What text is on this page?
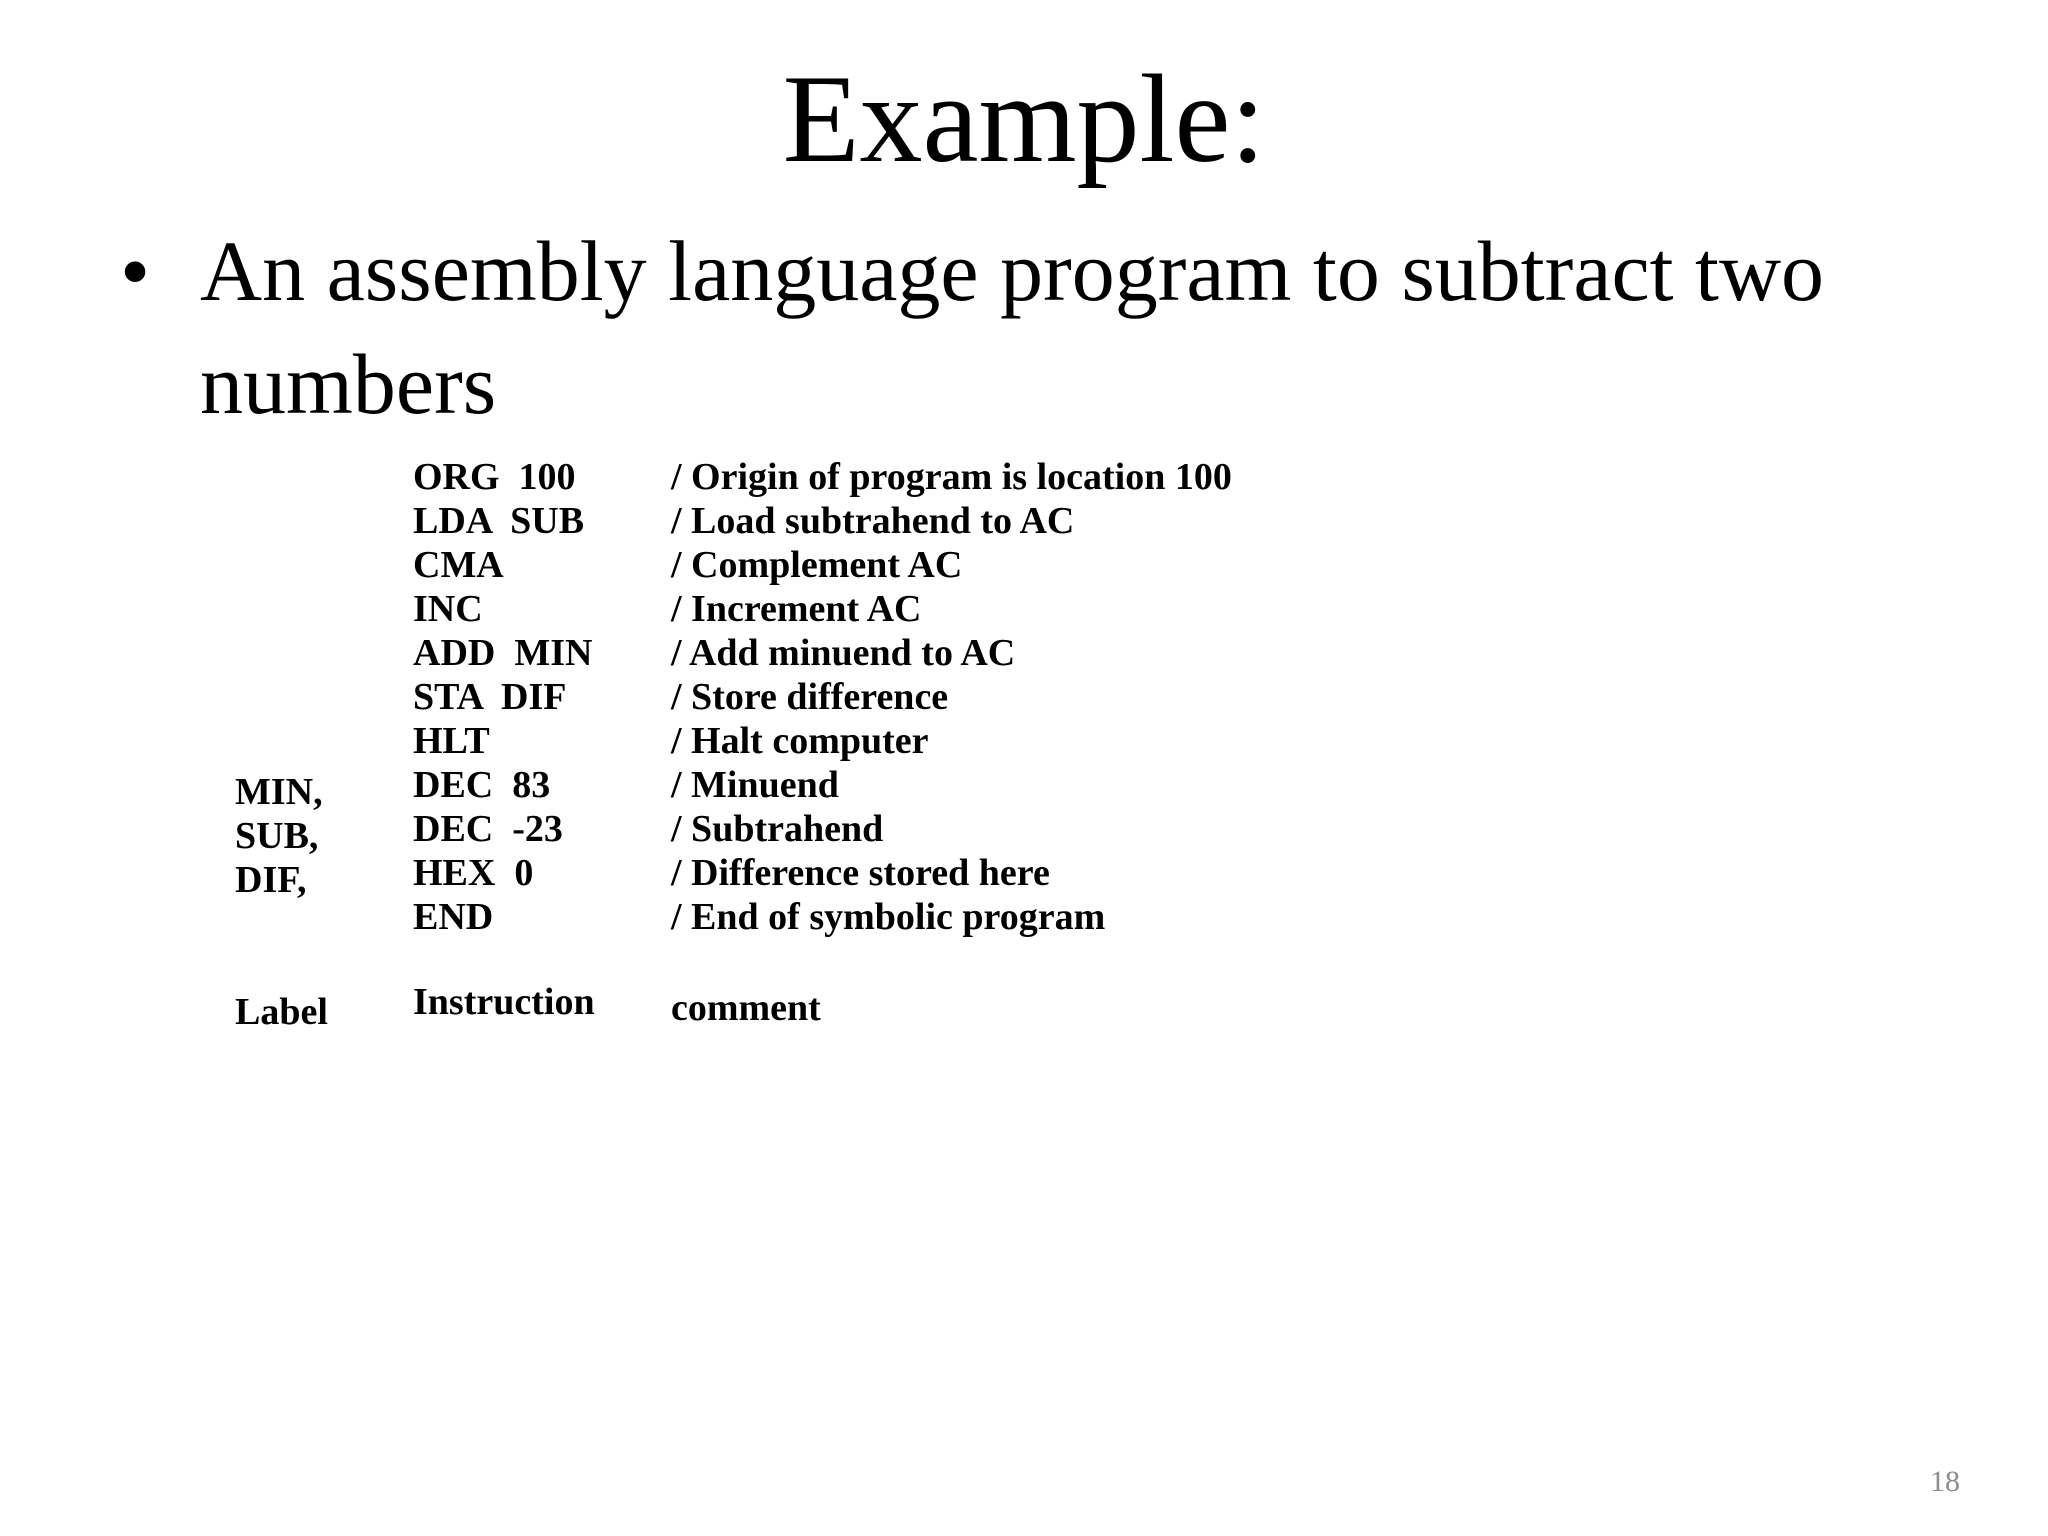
Example:
• An assembly language program to subtract two numbers
ORG  100	/ Origin of program is location 100
LDA  SUB / Load subtrahend to AC
CMA	/ Complement AC
INC	/ Increment AC
ADD  MIN / Add minuend to AC
STA  DIF	/ Store difference
HLT	/ Halt computer
MIN, DEC  83	/ Minuend
SUB, DEC  -23	/ Subtrahend
DIF,	HEX  0	/ Difference stored here
END	/ End of symbolic program
Label Instruction comment
18
